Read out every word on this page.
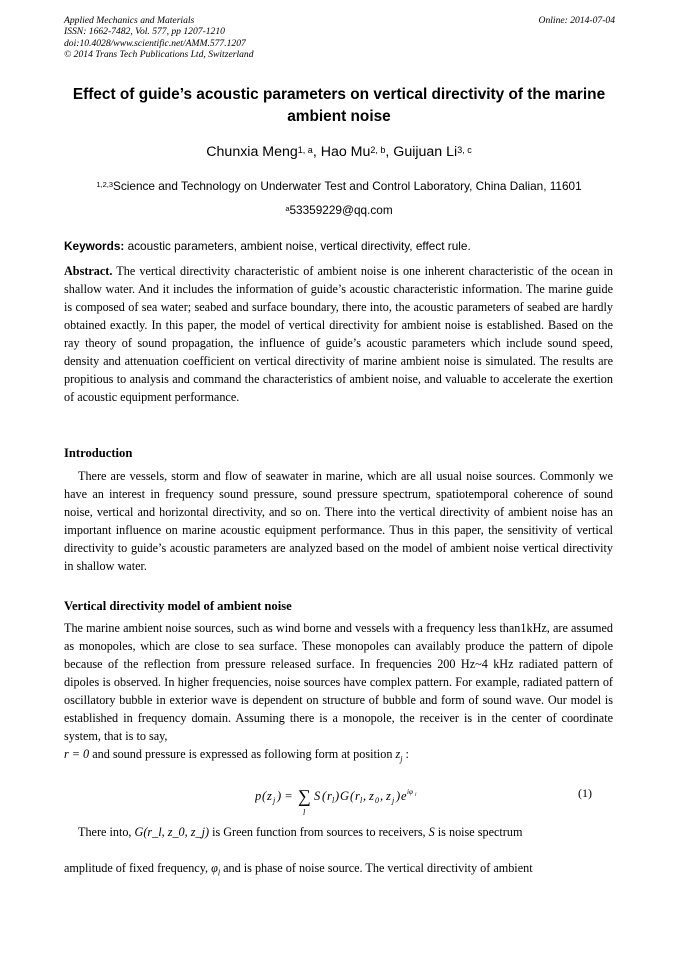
Applied Mechanics and Materials
ISSN: 1662-7482, Vol. 577, pp 1207-1210
doi:10.4028/www.scientific.net/AMM.577.1207
© 2014 Trans Tech Publications Ltd, Switzerland
Online: 2014-07-04
Effect of guide’s acoustic parameters on vertical directivity of the marine
ambient noise
Chunxia Meng$^{1, a}$, Hao Mu$^{2, b}$, Guijuan Li$^{3, c}$
$^{1,2,3}$Science and Technology on Underwater Test and Control Laboratory, China Dalian, 11601
$^a$53359229@qq.com
Keywords: acoustic parameters, ambient noise, vertical directivity, effect rule.
Abstract. The vertical directivity characteristic of ambient noise is one inherent characteristic of the ocean in shallow water. And it includes the information of guide’s acoustic characteristic information. The marine guide is composed of sea water; seabed and surface boundary, there into, the acoustic parameters of seabed are hardly obtained exactly. In this paper, the model of vertical directivity for ambient noise is established. Based on the ray theory of sound propagation, the influence of guide’s acoustic parameters which include sound speed, density and attenuation coefficient on vertical directivity of marine ambient noise is simulated. The results are propitious to analysis and command the characteristics of ambient noise, and valuable to accelerate the exertion of acoustic equipment performance.
Introduction
There are vessels, storm and flow of seawater in marine, which are all usual noise sources. Commonly we have an interest in frequency sound pressure, sound pressure spectrum, spatiotemporal coherence of sound noise, vertical and horizontal directivity, and so on. There into the vertical directivity of ambient noise has an important influence on marine acoustic equipment performance. Thus in this paper, the sensitivity of vertical directivity to guide’s acoustic parameters are analyzed based on the model of ambient noise vertical directivity in shallow water.
Vertical directivity model of ambient noise
The marine ambient noise sources, such as wind borne and vessels with a frequency less than1kHz, are assumed as monopoles, which are close to sea surface. These monopoles can availably produce the pattern of dipole because of the reflection from pressure released surface. In frequencies 200 Hz~4 kHz radiated pattern of dipoles is observed. In higher frequencies, noise sources have complex pattern. For example, radiated pattern of oscillatory bubble in exterior wave is dependent on structure of bubble and form of sound wave. Our model is established in frequency domain. Assuming there is a monopole, the receiver is in the center of coordinate system, that is to say,
r = 0 and sound pressure is expressed as following form at position $z_j$ :
p ( z j ) = ∑
l
S ( r l ) G ( r l , z 0 , z j ) e iφ l	(1)
There into, G(r_l, z_0, z_j) is Green function from sources to receivers, S is noise spectrum
amplitude of fixed frequency, $\varphi_l$ and is phase of noise source. The vertical directivity of ambient
